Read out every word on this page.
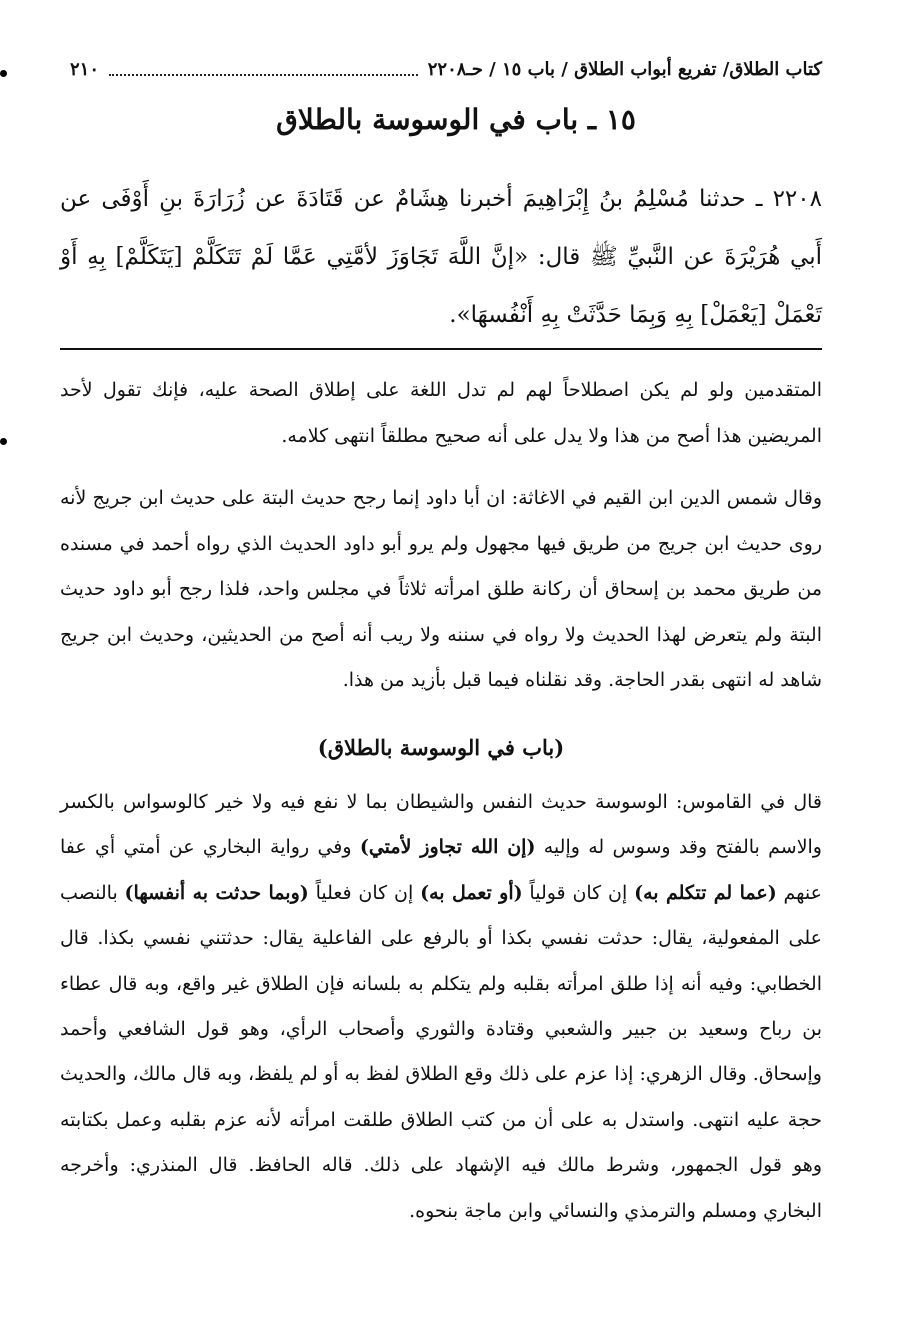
كتاب الطلاق/ تفريع أبواب الطلاق / باب ١٥ / حـ٢٢٠٨
٢١٠
١٥ ـ باب في الوسوسة بالطلاق
٢٢٠٨ ـ حدثنا مُسْلِمُ بنُ إِبْرَاهِيمَ أخبرنا هِشَامٌ عن قَتَادَةَ عن زُرَارَةَ بنِ أَوْفَى عن أَبي هُرَيْرَةَ عن النَّبيِّ ﷺ قال: «إنَّ اللَّهَ تَجَاوَزَ لأمَّتِي عَمَّا لَمْ تَتَكَلَّمْ [يَتَكَلَّمْ] بِهِ أَوْ تَعْمَلْ [يَعْمَلْ] بِهِ وَبِمَا حَدَّثَتْ بِهِ أَنْفُسهَا».

المتقدمين ولو لم يكن اصطلاحاً لهم لم تدل اللغة على إطلاق الصحة عليه، فإنك تقول لأحد المريضين هذا أصح من هذا ولا يدل على أنه صحيح مطلقاً انتهى كلامه.

وقال شمس الدين ابن القيم في الاغاثة: ان أبا داود إنما رجح حديث البتة على حديث ابن جريج لأنه روى حديث ابن جريج من طريق فيها مجهول ولم يرو أبو داود الحديث الذي رواه أحمد في مسنده من طريق محمد بن إسحاق أن ركانة طلق امرأته ثلاثاً في مجلس واحد، فلذا رجح أبو داود حديث البتة ولم يتعرض لهذا الحديث ولا رواه في سننه ولا ريب أنه أصح من الحديثين، وحديث ابن جريج شاهد له انتهى بقدر الحاجة. وقد نقلناه فيما قبل بأزيد من هذا.

(باب في الوسوسة بالطلاق)

قال في القاموس: الوسوسة حديث النفس والشيطان بما لا نفع فيه ولا خير كالوسواس بالكسر والاسم بالفتح وقد وسوس له وإليه (إن الله تجاوز لأمتي) وفي رواية البخاري عن أمتي أي عفا عنهم (عما لم تتكلم به) إن كان قولياً (أو تعمل به) إن كان فعلياً (وبما حدثت به أنفسها) بالنصب على المفعولية، يقال: حدثت نفسي بكذا أو بالرفع على الفاعلية يقال: حدثتني نفسي بكذا. قال الخطابي: وفيه أنه إذا طلق امرأته بقلبه ولم يتكلم به بلسانه فإن الطلاق غير واقع، وبه قال عطاء بن رباح وسعيد بن جبير والشعبي وقتادة والثوري وأصحاب الرأي، وهو قول الشافعي وأحمد وإسحاق. وقال الزهري: إذا عزم على ذلك وقع الطلاق لفظ به أو لم يلفظ، وبه قال مالك، والحديث حجة عليه انتهى. واستدل به على أن من كتب الطلاق طلقت امرأته لأنه عزم بقلبه وعمل بكتابته وهو قول الجمهور، وشرط مالك فيه الإشهاد على ذلك. قاله الحافظ. قال المنذري: وأخرجه البخاري ومسلم والترمذي والنسائي وابن ماجة بنحوه.
